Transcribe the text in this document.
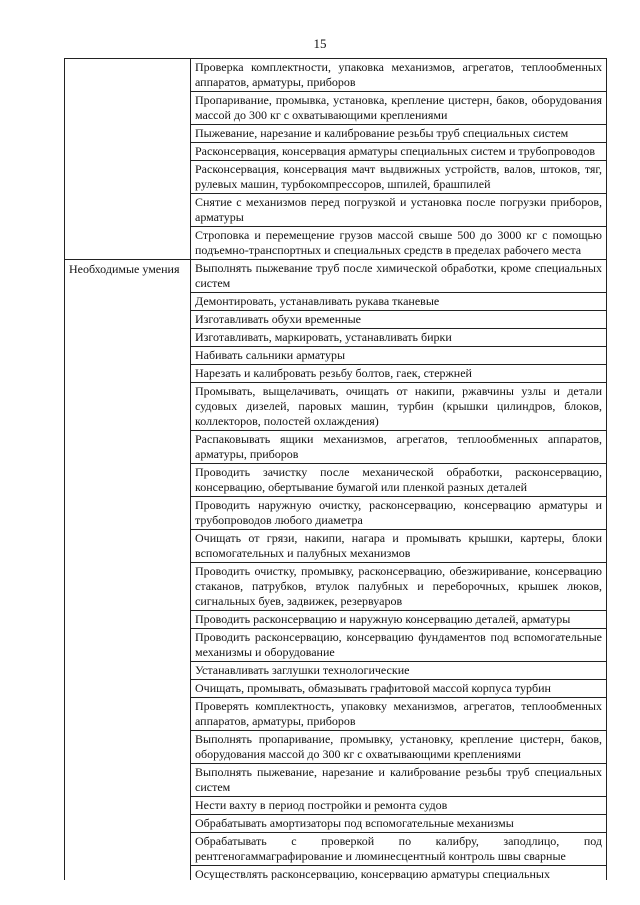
15
Проверка комплектности, упаковка механизмов, агрегатов, теплообменных аппаратов, арматуры, приборов
Пропаривание, промывка, установка, крепление цистерн, баков, оборудования массой до 300 кг с охватывающими креплениями
Пыжевание, нарезание и калибрование резьбы труб специальных систем
Расконсервация, консервация арматуры специальных систем и трубопроводов
Расконсервация, консервация мачт выдвижных устройств, валов, штоков, тяг, рулевых машин, турбокомпрессоров, шпилей, брашпилей
Снятие с механизмов перед погрузкой и установка после погрузки приборов, арматуры
Строповка и перемещение грузов массой свыше 500 до 3000 кг с помощью подъемно-транспортных и специальных средств в пределах рабочего места
Необходимые умения	Выполнять пыжевание труб после химической обработки, кроме специальных систем
Демонтировать, устанавливать рукава тканевые
Изготавливать обухи временные
Изготавливать, маркировать, устанавливать бирки
Набивать сальники арматуры
Нарезать и калибровать резьбу болтов, гаек, стержней
Промывать, выщелачивать, очищать от накипи, ржавчины узлы и детали судовых дизелей, паровых машин, турбин (крышки цилиндров, блоков, коллекторов, полостей охлаждения)
Распаковывать ящики механизмов, агрегатов, теплообменных аппаратов, арматуры, приборов
Проводить зачистку после механической обработки, расконсервацию, консервацию, обертывание бумагой или пленкой разных деталей
Проводить наружную очистку, расконсервацию, консервацию арматуры и трубопроводов любого диаметра
Очищать от грязи, накипи, нагара и промывать крышки, картеры, блоки вспомогательных и палубных механизмов
Проводить очистку, промывку, расконсервацию, обезжиривание, консервацию стаканов, патрубков, втулок палубных и переборочных, крышек люков, сигнальных буев, задвижек, резервуаров
Проводить расконсервацию и наружную консервацию деталей, арматуры
Проводить расконсервацию, консервацию фундаментов под вспомогательные механизмы и оборудование
Устанавливать заглушки технологические
Очищать, промывать, обмазывать графитовой массой корпуса турбин
Проверять комплектность, упаковку механизмов, агрегатов, теплообменных аппаратов, арматуры, приборов
Выполнять пропаривание, промывку, установку, крепление цистерн, баков, оборудования массой до 300 кг с охватывающими креплениями
Выполнять пыжевание, нарезание и калибрование резьбы труб специальных систем
Нести вахту в период постройки и ремонта судов
Обрабатывать амортизаторы под вспомогательные механизмы
Обрабатывать с проверкой по калибру, заподлицо, под рентгеногаммаграфирование и люминесцентный контроль швы сварные
Осуществлять расконсервацию, консервацию арматуры специальных
